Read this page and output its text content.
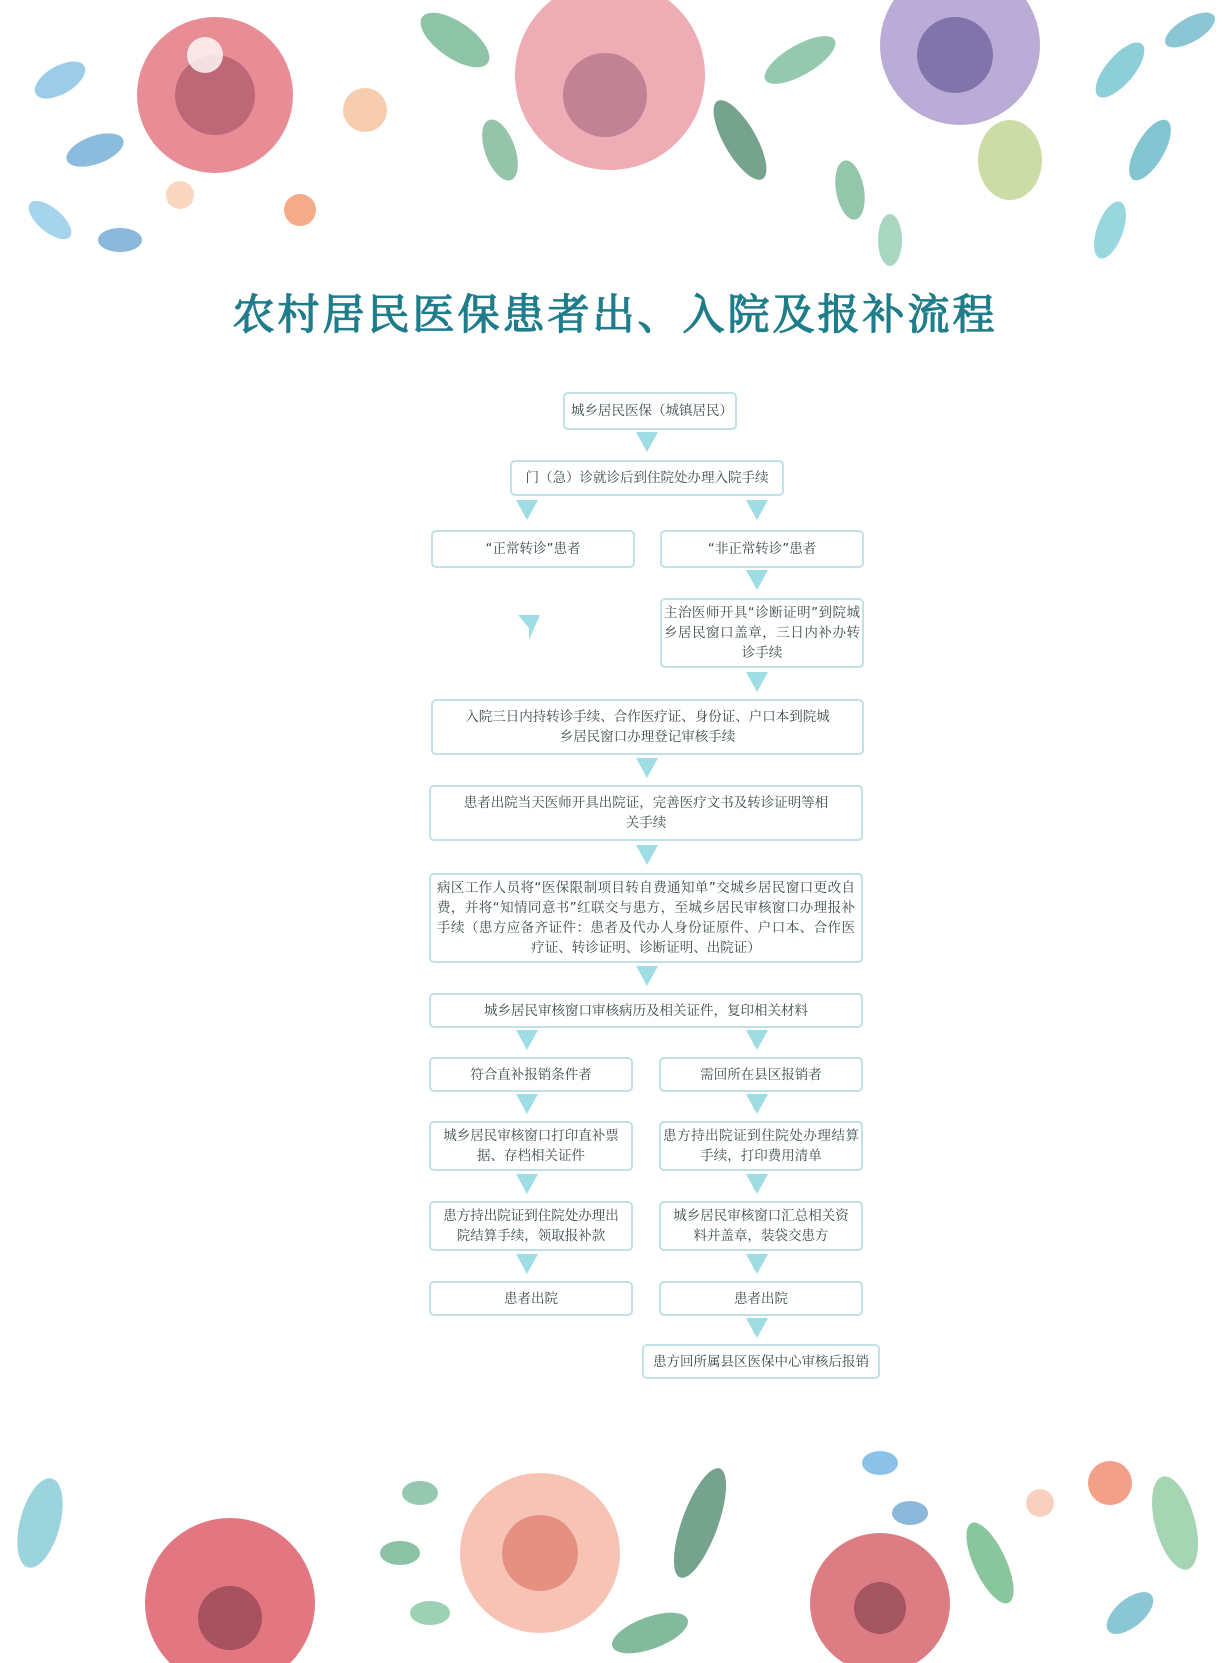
农村居民医保患者出、入院及报补流程
城乡居民医保（城镇居民）
门（急）诊就诊后到住院处办理入院手续
“正常转诊”患者	“非正常转诊”患者
主治医师开具“诊断证明”到院城乡居民窗口盖章，三日内补办转诊手续
入院三日内持转诊手续、合作医疗证、身份证、户口本到院城乡居民窗口办理登记审核手续
患者出院当天医师开具出院证，完善医疗文书及转诊证明等相关手续
病区工作人员将“医保限制项目转自费通知单”交城乡居民窗口更改自费，并将“知情同意书”红联交与患方，至城乡居民审核窗口办理报补手续（患方应备齐证件：患者及代办人身份证原件、户口本、合作医疗证、转诊证明、诊断证明、出院证）
城乡居民审核窗口审核病历及相关证件，复印相关材料
符合直补报销条件者
城乡居民审核窗口打印直补票据、存档相关证件
患方持出院证到住院处办理出院结算手续，领取报补款
患者出院
需回所在县区报销者
患方持出院证到住院处办理结算手续，打印费用清单
城乡居民审核窗口汇总相关资料并盖章，装袋交患方
患者出院
患方回所属县区医保中心审核后报销
